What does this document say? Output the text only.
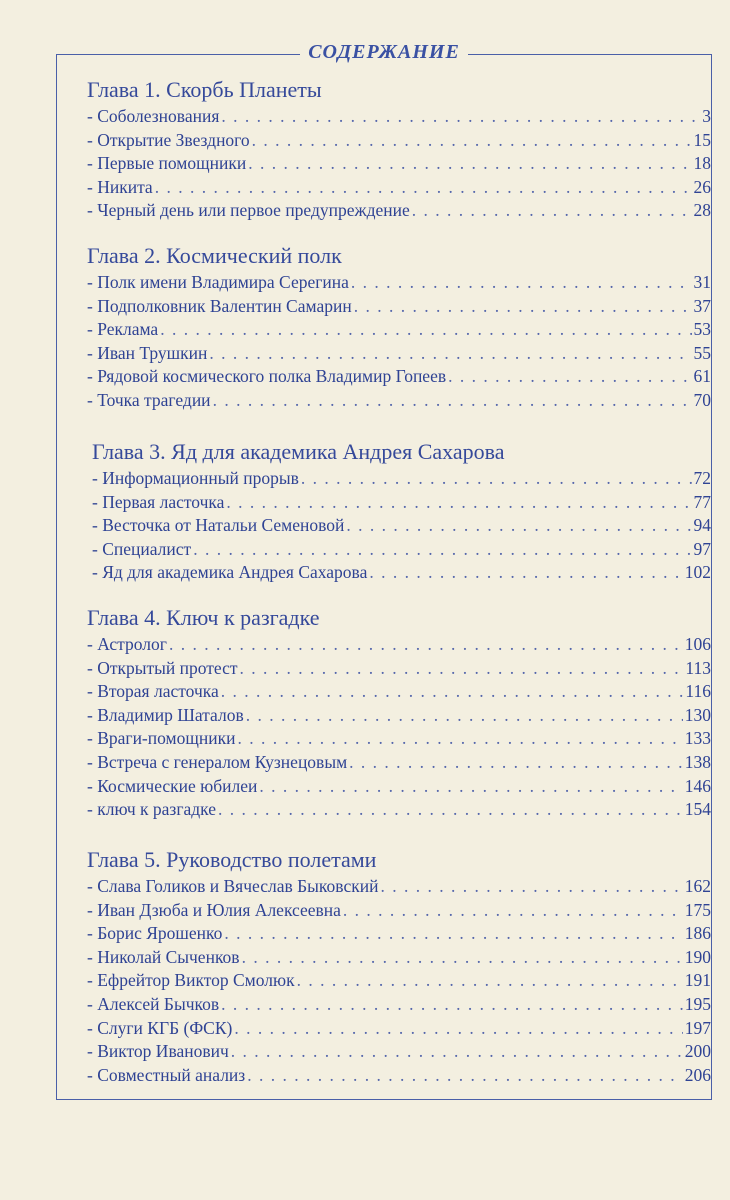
СОДЕРЖАНИЕ
Глава 1. Скорбь Планеты
- Соболезнования . . .	3
- Открытие Звездного . . .	15
- Первые помощники . . .	18
- Никита . . .	26
- Черный день или первое предупреждение . . .	28
Глава 2. Космический полк
- Полк имени Владимира Серегина . . .	31
- Подполковник Валентин Самарин . . .	37
- Реклама . . .	53
- Иван Трушкин . . .	55
- Рядовой космического полка Владимир Гопеев . . .	61
- Точка трагедии . . .	70
Глава 3. Яд для академика Андрея Сахарова
- Информационный прорыв . . .	72
- Первая ласточка . . .	77
- Весточка от Натальи Семеновой . . .	94
- Специалист . . .	97
- Яд для академика Андрея Сахарова . . .	102
Глава 4. Ключ к разгадке
- Астролог . . .	106
- Открытый протест . . .	113
- Вторая ласточка . . .	116
- Владимир Шаталов . . .	130
- Враги-помощники . . .	133
- Встреча с генералом Кузнецовым . . .	138
- Космические юбилеи . . .	146
- ключ к разгадке . . .	154
Глава 5. Руководство полетами
- Слава Голиков и Вячеслав Быковский . . .	162
- Иван Дзюба и Юлия Алексеевна . . .	175
- Борис Ярошенко . . .	186
- Николай Сыченков . . .	190
- Ефрейтор Виктор Смолюк . . .	191
- Алексей Бычков . . .	195
- Слуги КГБ (ФСК) . . .	197
- Виктор Иванович . . .	200
- Совместный анализ . . .	206
